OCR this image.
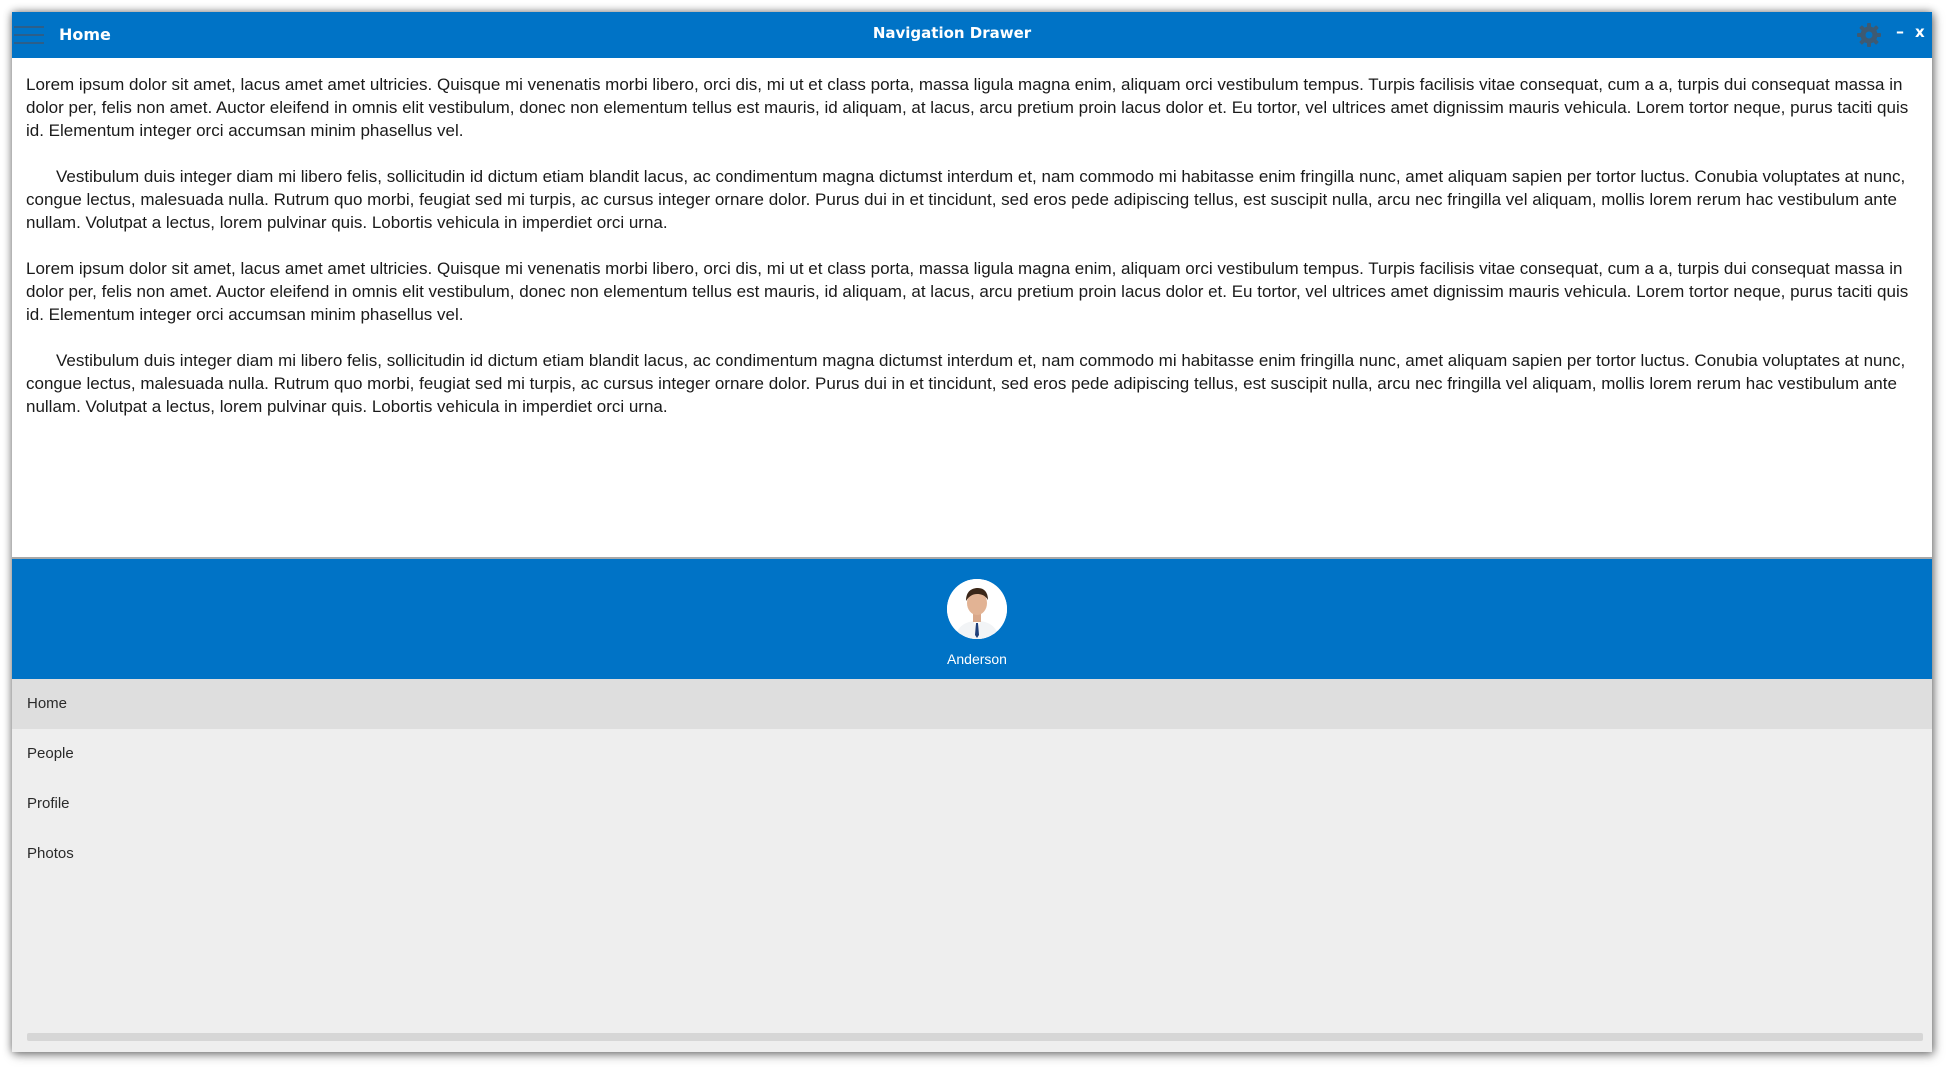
Home	Navigation Drawer	– x

Lorem ipsum dolor sit amet, lacus amet amet ultricies. Quisque mi venenatis morbi libero, orci dis, mi ut et class porta, massa ligula magna enim, aliquam orci vestibulum tempus. Turpis facilisis vitae consequat, cum a a, turpis dui consequat massa in dolor per, felis non amet. Auctor eleifend in omnis elit vestibulum, donec non elementum tellus est mauris, id aliquam, at lacus, arcu pretium proin lacus dolor et. Eu tortor, vel ultrices amet dignissim mauris vehicula. Lorem tortor neque, purus taciti quis id. Elementum integer orci accumsan minim phasellus vel.

Vestibulum duis integer diam mi libero felis, sollicitudin id dictum etiam blandit lacus, ac condimentum magna dictumst interdum et, nam commodo mi habitasse enim fringilla nunc, amet aliquam sapien per tortor luctus. Conubia voluptates at nunc, congue lectus, malesuada nulla. Rutrum quo morbi, feugiat sed mi turpis, ac cursus integer ornare dolor. Purus dui in et tincidunt, sed eros pede adipiscing tellus, est suscipit nulla, arcu nec fringilla vel aliquam, mollis lorem rerum hac vestibulum ante nullam. Volutpat a lectus, lorem pulvinar quis. Lobortis vehicula in imperdiet orci urna.

Lorem ipsum dolor sit amet, lacus amet amet ultricies. Quisque mi venenatis morbi libero, orci dis, mi ut et class porta, massa ligula magna enim, aliquam orci vestibulum tempus. Turpis facilisis vitae consequat, cum a a, turpis dui consequat massa in dolor per, felis non amet. Auctor eleifend in omnis elit vestibulum, donec non elementum tellus est mauris, id aliquam, at lacus, arcu pretium proin lacus dolor et. Eu tortor, vel ultrices amet dignissim mauris vehicula. Lorem tortor neque, purus taciti quis id. Elementum integer orci accumsan minim phasellus vel.

Vestibulum duis integer diam mi libero felis, sollicitudin id dictum etiam blandit lacus, ac condimentum magna dictumst interdum et, nam commodo mi habitasse enim fringilla nunc, amet aliquam sapien per tortor luctus. Conubia voluptates at nunc, congue lectus, malesuada nulla. Rutrum quo morbi, feugiat sed mi turpis, ac cursus integer ornare dolor. Purus dui in et tincidunt, sed eros pede adipiscing tellus, est suscipit nulla, arcu nec fringilla vel aliquam, mollis lorem rerum hac vestibulum ante nullam. Volutpat a lectus, lorem pulvinar quis. Lobortis vehicula in imperdiet orci urna.

Anderson
Home
People
Profile
Photos
